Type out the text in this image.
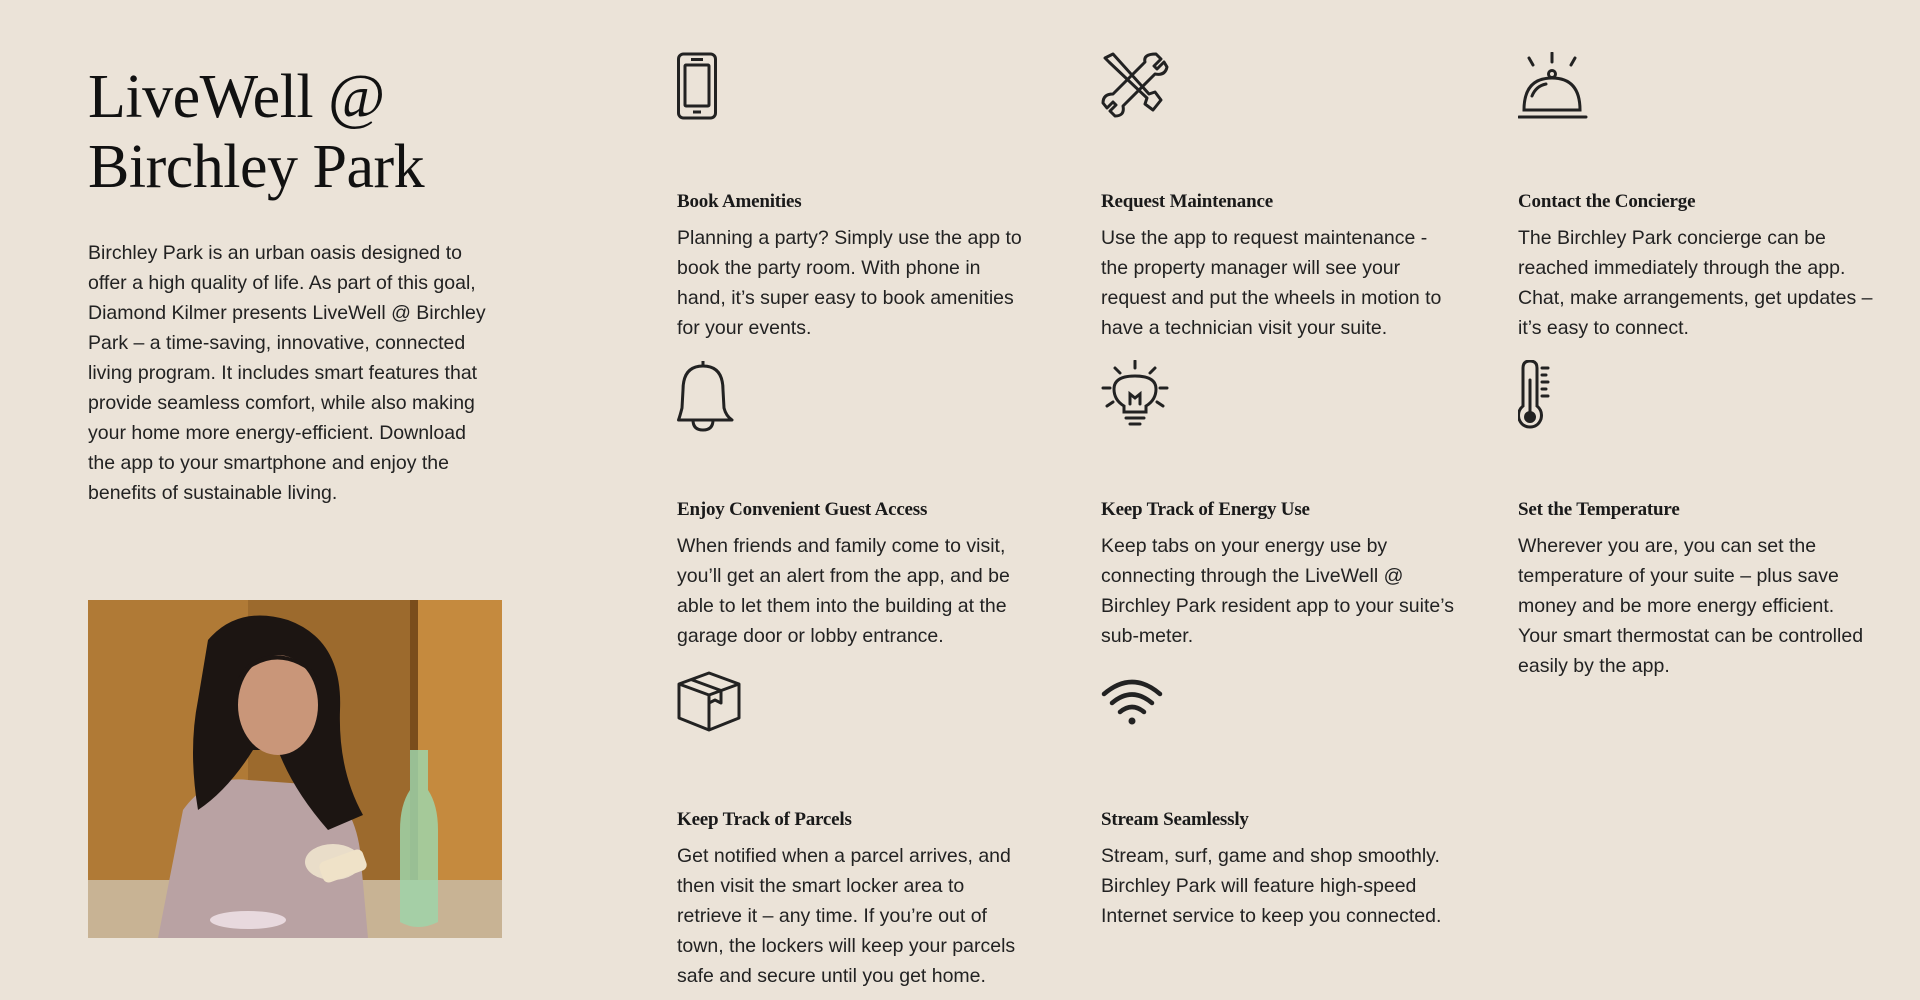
LiveWell @
Birchley Park

Birchley Park is an urban oasis designed to offer a high quality of life. As part of this goal, Diamond Kilmer presents LiveWell @ Birchley Park – a time-saving, innovative, connected living program. It includes smart features that provide seamless comfort, while also making your home more energy-efficient. Download the app to your smartphone and enjoy the benefits of sustainable living.

Book Amenities

Planning a party? Simply use the app to book the party room. With phone in hand, it’s super easy to book amenities for your events.

Request Maintenance

Use the app to request maintenance - the property manager will see your request and put the wheels in motion to have a technician visit your suite.

Contact the Concierge

The Birchley Park concierge can be reached immediately through the app. Chat, make arrangements, get updates – it’s easy to connect.

Enjoy Convenient Guest Access

When friends and family come to visit, you’ll get an alert from the app, and be able to let them into the building at the garage door or lobby entrance.

Keep Track of Energy Use

Keep tabs on your energy use by connecting through the LiveWell @ Birchley Park resident app to your suite’s sub-meter.

Set the Temperature

Wherever you are, you can set the temperature of your suite – plus save money and be more energy efficient. Your smart thermostat can be controlled easily by the app.

Keep Track of Parcels

Get notified when a parcel arrives, and then visit the smart locker area to retrieve it – any time. If you’re out of town, the lockers will keep your parcels safe and secure until you get home.

Stream Seamlessly

Stream, surf, game and shop smoothly. Birchley Park will feature high-speed Internet service to keep you connected.
